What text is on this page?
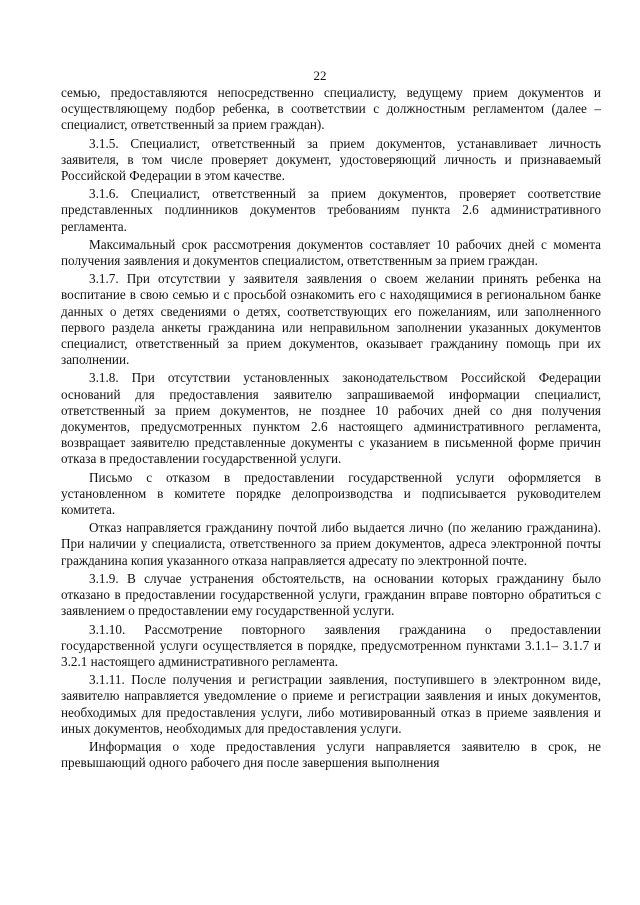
22

семью, предоставляются непосредственно специалисту, ведущему прием документов и осуществляющему подбор ребенка, в соответствии с должностным регламентом (далее – специалист, ответственный за прием граждан).

3.1.5. Специалист, ответственный за прием документов, устанавливает личность заявителя, в том числе проверяет документ, удостоверяющий личность и признаваемый Российской Федерации в этом качестве.

3.1.6. Специалист, ответственный за прием документов, проверяет соответствие представленных подлинников документов требованиям пункта 2.6 административного регламента.

Максимальный срок рассмотрения документов составляет 10 рабочих дней с момента получения заявления и документов специалистом, ответственным за прием граждан.

3.1.7. При отсутствии у заявителя заявления о своем желании принять ребенка на воспитание в свою семью и с просьбой ознакомить его с находящимися в региональном банке данных о детях сведениями о детях, соответствующих его пожеланиям, или заполненного первого раздела анкеты гражданина или неправильном заполнении указанных документов специалист, ответственный за прием документов, оказывает гражданину помощь при их заполнении.

3.1.8. При отсутствии установленных законодательством Российской Федерации оснований для предоставления заявителю запрашиваемой информации специалист, ответственный за прием документов, не позднее 10 рабочих дней со дня получения документов, предусмотренных пунктом 2.6 настоящего административного регламента, возвращает заявителю представленные документы с указанием в письменной форме причин отказа в предоставлении государственной услуги.

Письмо с отказом в предоставлении государственной услуги оформляется в установленном в комитете порядке делопроизводства и подписывается руководителем комитета.

Отказ направляется гражданину почтой либо выдается лично (по желанию гражданина). При наличии у специалиста, ответственного за прием документов, адреса электронной почты гражданина копия указанного отказа направляется адресату по электронной почте.

3.1.9. В случае устранения обстоятельств, на основании которых гражданину было отказано в предоставлении государственной услуги, гражданин вправе повторно обратиться с заявлением о предоставлении ему государственной услуги.

3.1.10. Рассмотрение повторного заявления гражданина о предоставлении государственной услуги осуществляется в порядке, предусмотренном пунктами 3.1.1– 3.1.7 и 3.2.1 настоящего административного регламента.

3.1.11. После получения и регистрации заявления, поступившего в электронном виде, заявителю направляется уведомление о приеме и регистрации заявления и иных документов, необходимых для предоставления услуги, либо мотивированный отказ в приеме заявления и иных документов, необходимых для предоставления услуги.

Информация о ходе предоставления услуги направляется заявителю в срок, не превышающий одного рабочего дня после завершения выполнения
